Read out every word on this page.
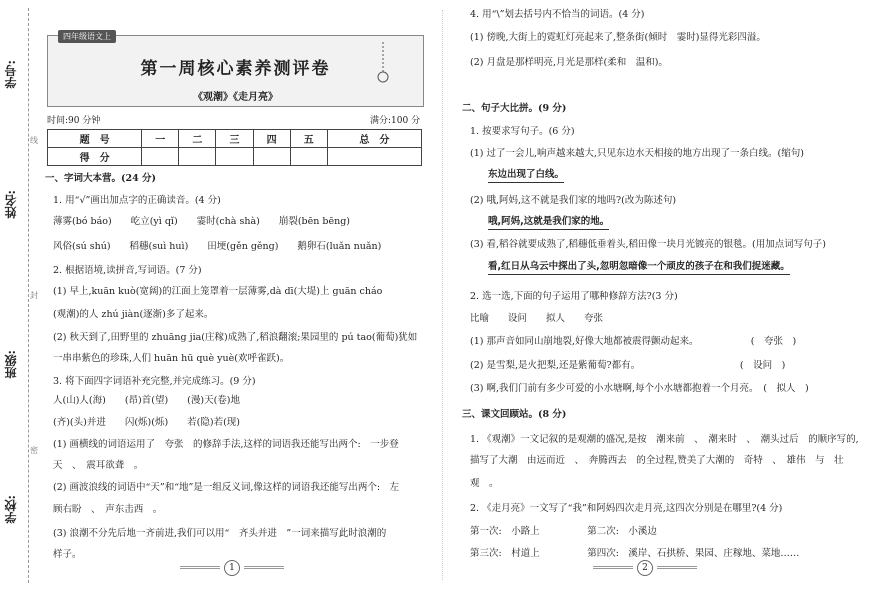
学号:
姓名:
班级:
学校:
线
封
密
四年级语文上
第一周核心素养测评卷
《观潮》《走月亮》
时间:90 分钟	满分:100 分
题　号	一	二	三	四	五	总　分
得　分						
一、字词大本营。(24 分)
1. 用“√”画出加点字的正确读音。(4 分)
薄雾(bó báo)　　屹立(yì qǐ)　　霎时(chà shà)　　崩裂(bēn bēng)
风俗(sú shú)　　稻穗(suì huì)　　田埂(gěn gěng)　　鹅卵石(luǎn nuǎn)
2. 根据语境,读拼音,写词语。(7 分)
(1) 早上,kuān kuò(宽阔)的江面上笼罩着一层薄雾,dà dī(大堤)上 guān cháo
(观潮)的人 zhú jiàn(逐渐)多了起来。
(2) 秋天到了,田野里的 zhuāng jia(庄稼)成熟了,稻浪翻滚;果园里的 pú tao(葡萄)犹如
一串串紫色的珍珠,人们 huān hū què yuè(欢呼雀跃)。
3. 将下面四字词语补充完整,并完成练习。(9 分)
人(山)人(海)　　(昂)首(望)　　(漫)天(卷)地
(齐)(头)并进　　闪(烁)(烁)　　若(隐)若(现)
(1) 画横线的词语运用了　夸张　的修辞手法,这样的词语我还能写出两个:　一步登
天　、　震耳欲聋　。
(2) 画波浪线的词语中“天”和“地”是一组反义词,像这样的词语我还能写出两个:　左
顾右盼　、　声东击西　。
(3) 浪潮不分先后地一齐前进,我们可以用“　齐头并进　”一词来描写此时浪潮的
样子。
4. 用“\”划去括号内不恰当的词语。(4 分)
(1) 傍晚,大街上的霓虹灯亮起来了,整条街(倾时　霎时)显得光彩四溢。
(2) 月盘是那样明亮,月光是那样(柔和　温和)。
二、句子大比拼。(9 分)
1. 按要求写句子。(6 分)
(1) 过了一会儿,响声越来越大,只见东边水天相接的地方出现了一条白线。(缩句)
东边出现了白线。
(2) 哦,阿妈,这不就是我们家的地吗?(改为陈述句)
哦,阿妈,这就是我们家的地。
(3) 看,稻谷就要成熟了,稻穗低垂着头,稻田像一块月光镀亮的银毯。(用加点词写句子)
看,红日从乌云中探出了头,忽明忽暗像一个顽皮的孩子在和我们捉迷藏。
2. 选一选,下面的句子运用了哪种修辞方法?(3 分)
比喻　　设问　　拟人　　夸张
(1) 那声音如同山崩地裂,好像大地都被震得颤动起来。　　　　　　(　夸张　)
(2) 是雪梨,是火把梨,还是紫葡萄?都有。　　　　　　　　　　　(　设问　)
(3) 啊,我们门前有多少可爱的小水塘啊,每个小水塘都抱着一个月亮。　(　拟人　)
三、课文回顾站。(8 分)
1. 《观潮》一文记叙的是观潮的盛况,是按　潮来前　、　潮来时　、　潮头过后　的顺序写的,
描写了大潮　由远而近　、　奔腾西去　的全过程,赞美了大潮的　奇特　、　雄伟　与　壮
观　。
2. 《走月亮》一文写了“我”和阿妈四次走月亮,这四次分别是在哪里?(4 分)
第一次:　小路上　　　　　第二次:　小溪边
第三次:　村道上　　　　　第四次:　溪岸、石拱桥、果园、庄稼地、菜地……
1	2
